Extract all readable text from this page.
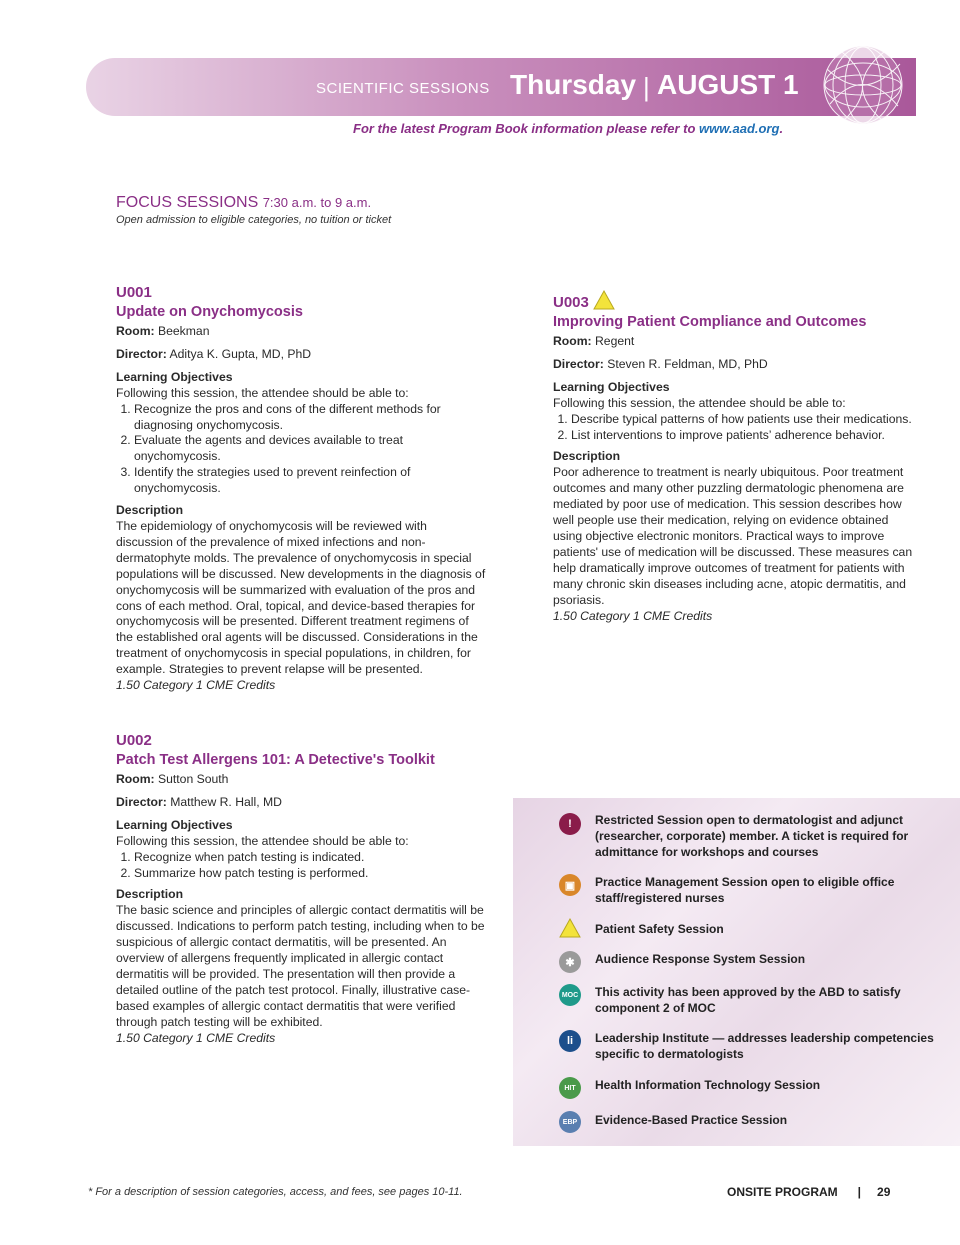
SCIENTIFIC SESSIONS Thursday | AUGUST 1
For the latest Program Book information please refer to www.aad.org.
FOCUS SESSIONS 7:30 a.m. to 9 a.m.
Open admission to eligible categories, no tuition or ticket
U001
Update on Onychomycosis
Room: Beekman
Director: Aditya K. Gupta, MD, PhD
Learning Objectives
Following this session, the attendee should be able to:
1. Recognize the pros and cons of the different methods for diagnosing onychomycosis.
2. Evaluate the agents and devices available to treat onychomycosis.
3. Identify the strategies used to prevent reinfection of onychomycosis.
Description

The epidemiology of onychomycosis will be reviewed with discussion of the prevalence of mixed infections and non-dermatophyte molds. The prevalence of onychomycosis in special populations will be discussed. New developments in the diagnosis of onychomycosis will be summarized with evaluation of the pros and cons of each method. Oral, topical, and device-based therapies for onychomycosis will be presented. Different treatment regimens of the established oral agents will be discussed. Considerations in the treatment of onychomycosis in special populations, in children, for example. Strategies to prevent relapse will be presented.

1.50 Category 1 CME Credits

U002
Patch Test Allergens 101: A Detective's Toolkit
Room: Sutton South
Director: Matthew R. Hall, MD
Learning Objectives
Following this session, the attendee should be able to:
1. Recognize when patch testing is indicated.
2. Summarize how patch testing is performed.
Description

The basic science and principles of allergic contact dermatitis will be discussed. Indications to perform patch testing, including when to be suspicious of allergic contact dermatitis, will be presented. An overview of allergens frequently implicated in allergic contact dermatitis will be provided. The presentation will then provide a detailed outline of the patch test protocol. Finally, illustrative case-based examples of allergic contact dermatitis that were verified through patch testing will be exhibited.

1.50 Category 1 CME Credits

U003
Improving Patient Compliance and Outcomes
Room: Regent
Director: Steven R. Feldman, MD, PhD
Learning Objectives
Following this session, the attendee should be able to:
1. Describe typical patterns of how patients use their medications.
2. List interventions to improve patients’ adherence behavior.
Description

Poor adherence to treatment is nearly ubiquitous. Poor treatment outcomes and many other puzzling dermatologic phenomena are mediated by poor use of medication. This session describes how well people use their medication, relying on evidence obtained using objective electronic monitors. Practical ways to improve patients' use of medication will be discussed. These measures can help dramatically improve outcomes of treatment for patients with many chronic skin diseases including acne, atopic dermatitis, and psoriasis.

1.50 Category 1 CME Credits

!	Restricted Session open to dermatologist and adjunct (researcher, corporate) member. A ticket is required for admittance for workshops and courses
▣	Practice Management Session open to eligible office staff/registered nurses
Patient Safety Session
✱	Audience Response System Session
MOC This activity has been approved by the ABD to satisfy component 2 of MOC
li	Leadership Institute — addresses leadership competencies specific to dermatologists
HIT	Health Information Technology Session
EBP	Evidence-Based Practice Session
* For a description of session categories, access, and fees, see pages 10-11.	ONSITE PROGRAM | 29
